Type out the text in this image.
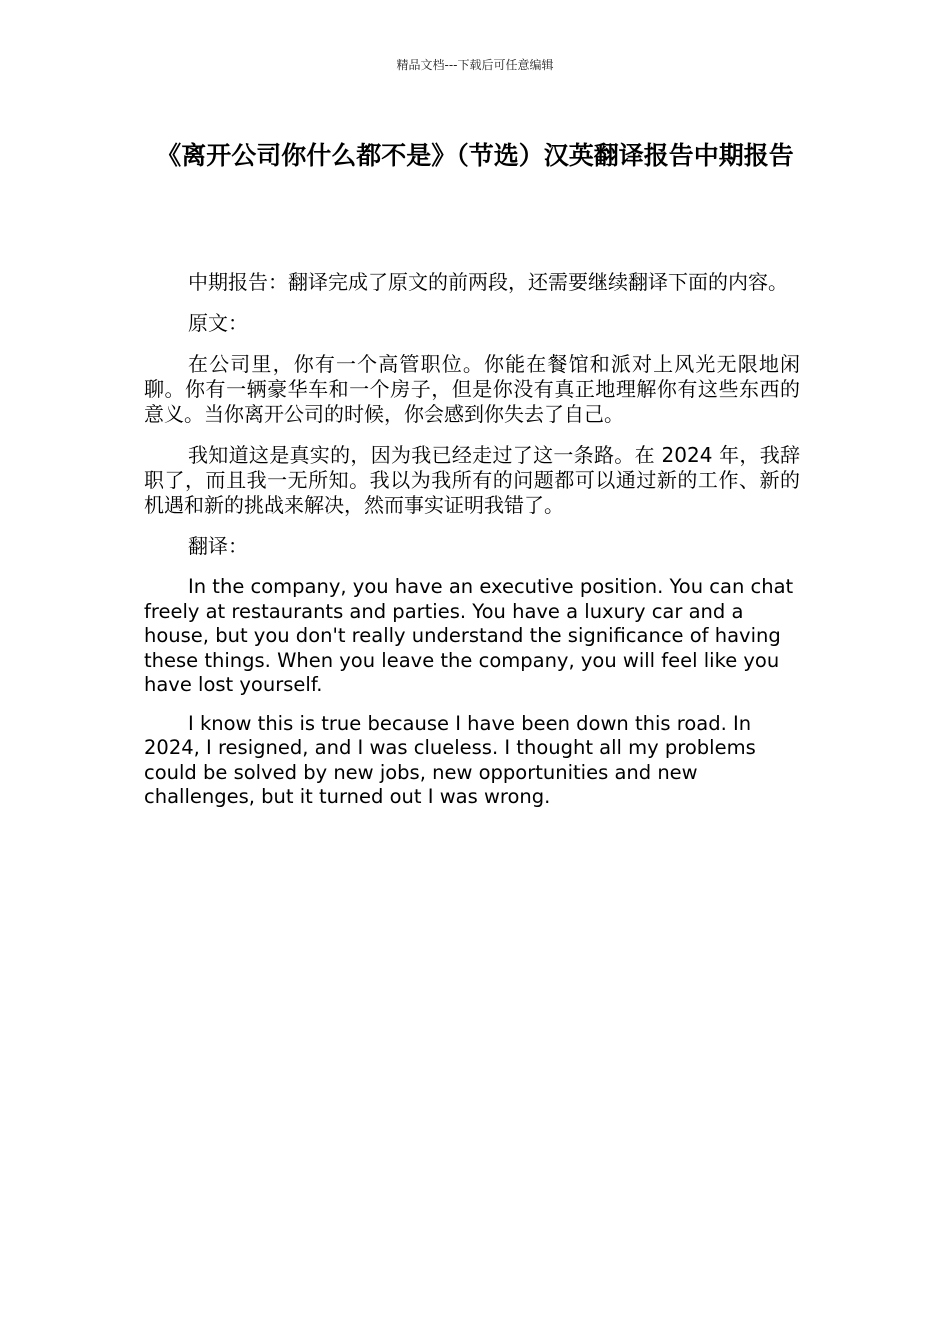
精品文档---下载后可任意编辑
《离开公司你什么都不是》（节选）汉英翻译报告中期报告

中期报告：翻译完成了原文的前两段，还需要继续翻译下面的内容。

原文：

在公司里，你有一个高管职位。你能在餐馆和派对上风光无限地闲聊。你有一辆豪华车和一个房子，但是你没有真正地理解你有这些东西的意义。当你离开公司的时候，你会感到你失去了自己。

我知道这是真实的，因为我已经走过了这一条路。在 2024 年，我辞职了，而且我一无所知。我以为我所有的问题都可以通过新的工作、新的机遇和新的挑战来解决，然而事实证明我错了。

翻译：

In the company, you have an executive position. You can chat freely at restaurants and parties. You have a luxury car and a house, but you don't really understand the significance of having these things. When you leave the company, you will feel like you have lost yourself.

I know this is true because I have been down this road. In 2024, I resigned, and I was clueless. I thought all my problems could be solved by new jobs, new opportunities and new challenges, but it turned out I was wrong.
